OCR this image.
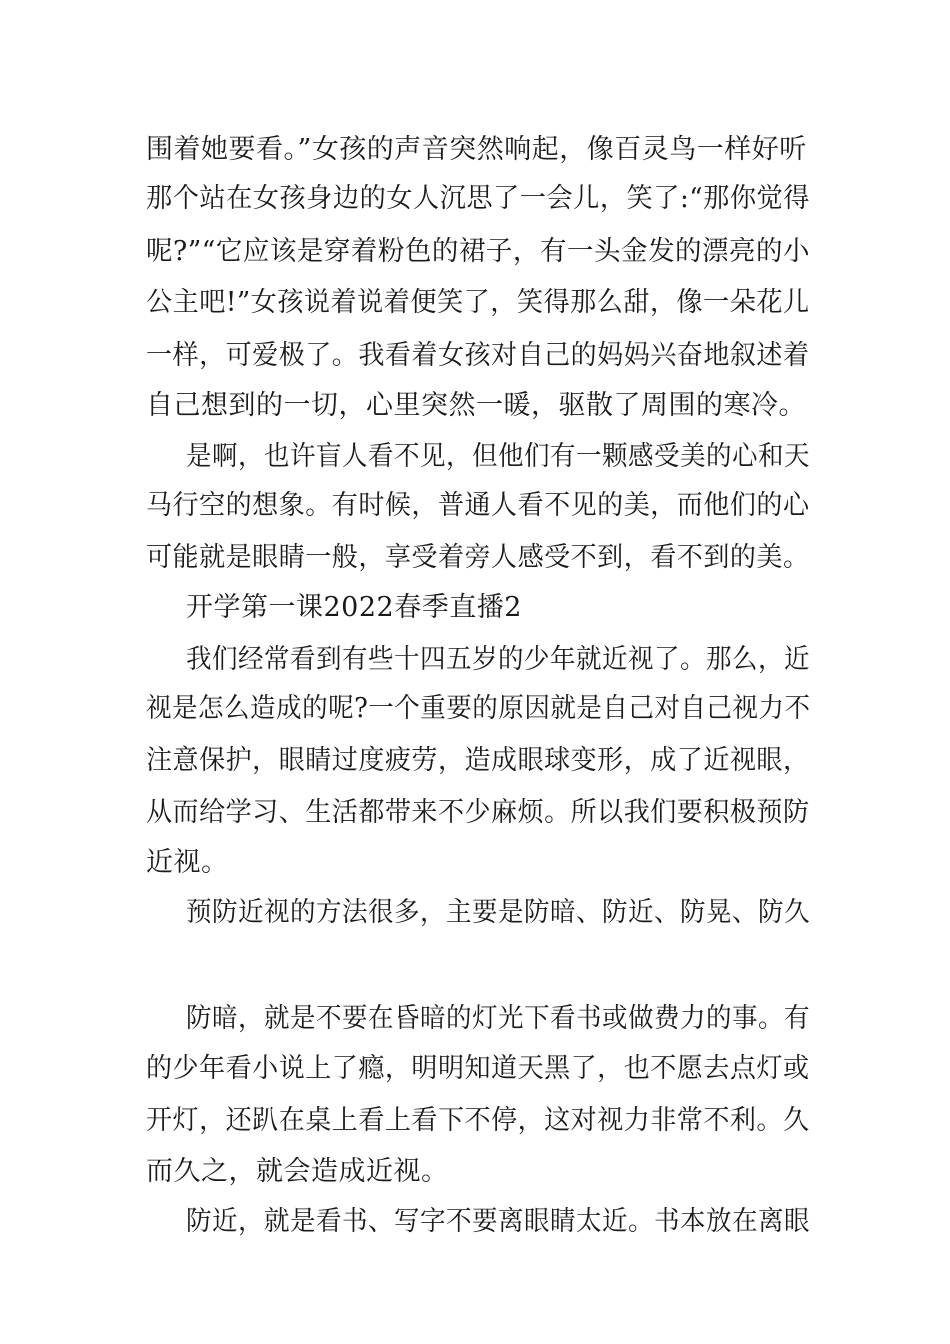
围着她要看。”女孩的声音突然响起，像百灵鸟一样好听
那个站在女孩身边的女人沉思了一会儿，笑了:“那你觉得
呢?”“它应该是穿着粉色的裙子，有一头金发的漂亮的小
公主吧!”女孩说着说着便笑了，笑得那么甜，像一朵花儿
一样，可爱极了。我看着女孩对自己的妈妈兴奋地叙述着
自己想到的一切，心里突然一暖，驱散了周围的寒冷。
是啊，也许盲人看不见，但他们有一颗感受美的心和天
马行空的想象。有时候，普通人看不见的美，而他们的心
可能就是眼睛一般，享受着旁人感受不到，看不到的美。
开学第一课2022春季直播2
我们经常看到有些十四五岁的少年就近视了。那么，近
视是怎么造成的呢?一个重要的原因就是自己对自己视力不
注意保护，眼睛过度疲劳，造成眼球变形，成了近视眼，
从而给学习、生活都带来不少麻烦。所以我们要积极预防
近视。
预防近视的方法很多，主要是防暗、防近、防晃、防久
防暗，就是不要在昏暗的灯光下看书或做费力的事。有
的少年看小说上了瘾，明明知道天黑了，也不愿去点灯或
开灯，还趴在桌上看上看下不停，这对视力非常不利。久
而久之，就会造成近视。
防近，就是看书、写字不要离眼睛太近。书本放在离眼
